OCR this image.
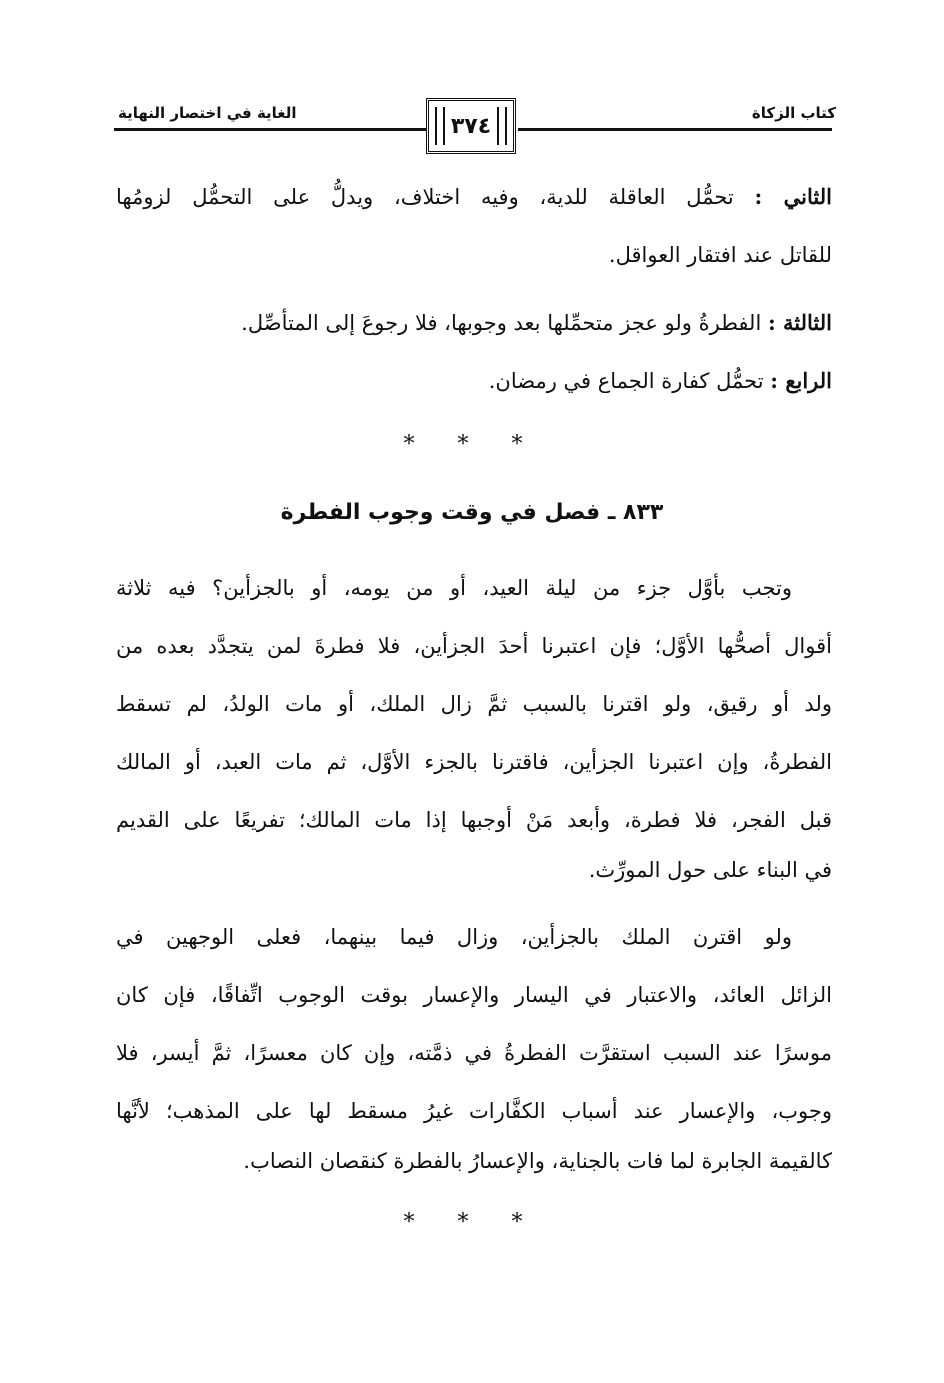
كتاب الزكاة
الغاية في اختصار النهاية
٣٧٤
الثاني : تحمُّل العاقلة للدية، وفيه اختلاف، ويدلُّ على التحمُّل لزومُها
للقاتل عند افتقار العواقل.
الثالثة : الفطرةُ ولو عجز متحمِّلها بعد وجوبها، فلا رجوعَ إلى المتأصِّل.
الرابع : تحمُّل كفارة الجماع في رمضان.
* * *
٨٣٣ ـ فصل في وقت وجوب الفطرة
وتجب بأوَّل جزء من ليلة العيد، أو من يومه، أو بالجزأين؟ فيه ثلاثة
أقوال أصحُّها الأوَّل؛ فإن اعتبرنا أحدَ الجزأين، فلا فطرةَ لمن يتجدَّد بعده من
ولد أو رقيق، ولو اقترنا بالسبب ثمَّ زال الملك، أو مات الولدُ، لم تسقط
الفطرةُ، وإن اعتبرنا الجزأين، فاقترنا بالجزء الأوَّل، ثم مات العبد، أو المالك
قبل الفجر، فلا فطرة، وأبعد مَنْ أوجبها إذا مات المالك؛ تفريعًا على القديم
في البناء على حول المورِّث.
ولو اقترن الملك بالجزأين، وزال فيما بينهما، فعلى الوجهين في
الزائل العائد، والاعتبار في اليسار والإعسار بوقت الوجوب اتِّفاقًا، فإن كان
موسرًا عند السبب استقرَّت الفطرةُ في ذمَّته، وإن كان معسرًا، ثمَّ أيسر، فلا
وجوب، والإعسار عند أسباب الكفَّارات غيرُ مسقط لها على المذهب؛ لأنَّها
كالقيمة الجابرة لما فات بالجناية، والإعسارُ بالفطرة كنقصان النصاب.
* * *
